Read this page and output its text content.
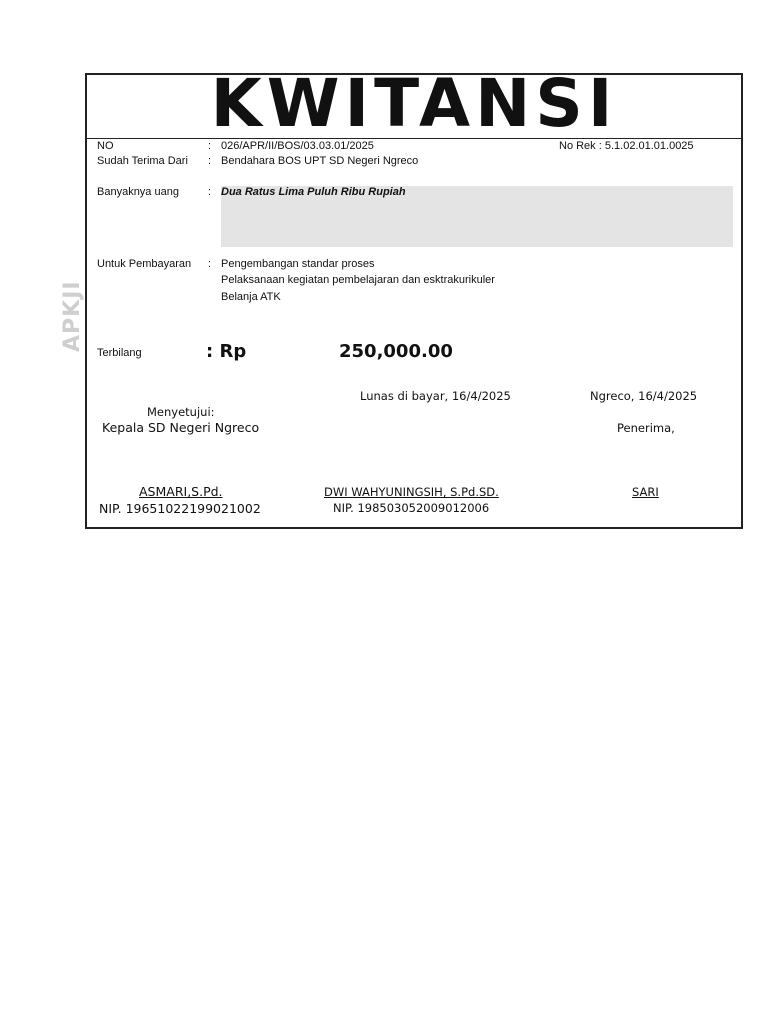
APKJI
KWITANSI
NO	: 026/APR/II/BOS/03.03.01/2025	No Rek : 5.1.02.01.01.0025
Sudah Terima Dari : Bendahara BOS UPT SD Negeri Ngreco
Banyaknya uang	: Dua Ratus Lima Puluh Ribu Rupiah
Untuk Pembayaran : Pengembangan standar proses
Pelaksanaan kegiatan pembelajaran dan esktrakurikuler
Belanja ATK
Terbilang	: Rp	250,000.00
Lunas di bayar, 16/4/2025	Ngreco, 16/4/2025
Menyetujui:
Kepala SD Negeri Ngreco	Penerima,
ASMARI,S.Pd.	DWI WAHYUNINGSIH, S.Pd.SD.	SARI
NIP. 19651022199021002	NIP. 198503052009012006
